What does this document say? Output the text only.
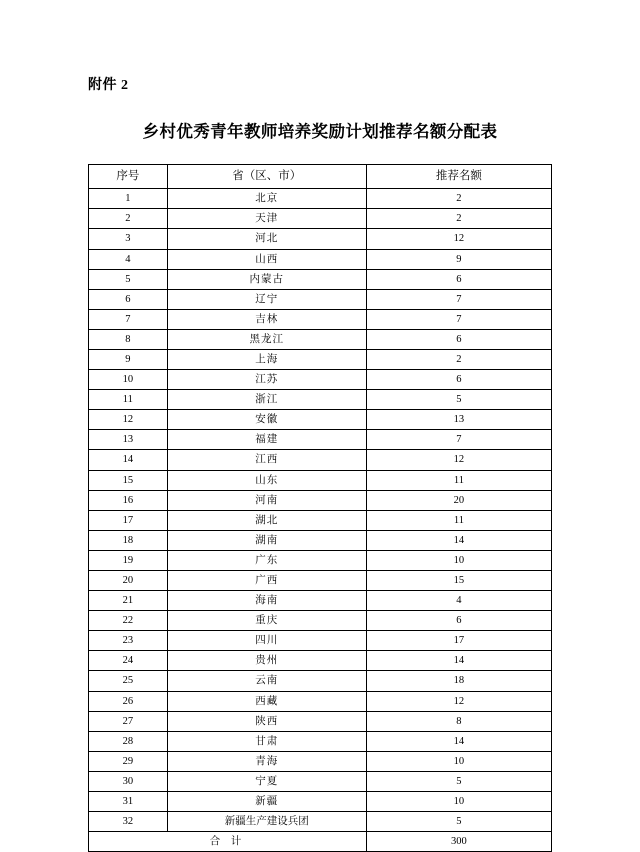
附件 2
乡村优秀青年教师培养奖励计划推荐名额分配表
序号	省（区、市）	推荐名额
1	北京	2
2	天津	2
3	河北	12
4	山西	9
5	内蒙古	6
6	辽宁	7
7	吉林	7
8	黑龙江	6
9	上海	2
10	江苏	6
11	浙江	5
12	安徽	13
13	福建	7
14	江西	12
15	山东	11
16	河南	20
17	湖北	11
18	湖南	14
19	广东	10
20	广西	15
21	海南	4
22	重庆	6
23	四川	17
24	贵州	14
25	云南	18
26	西藏	12
27	陕西	8
28	甘肃	14
29	青海	10
30	宁夏	5
31	新疆	10
32	新疆生产建设兵团	5
合 计		300
